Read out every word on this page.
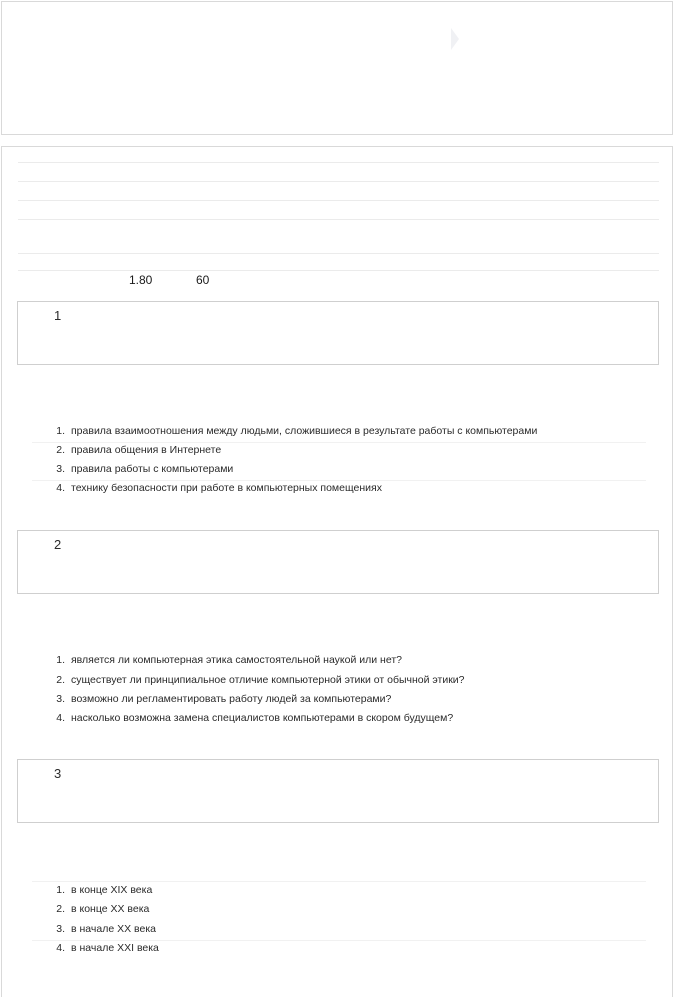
1.80	60
1
1. правила взаимоотношения между людьми, сложившиеся в результате работы с компьютерами
2. правила общения в Интернете
3. правила работы с компьютерами
4. технику безопасности при работе в компьютерных помещениях
2
1. является ли компьютерная этика самостоятельной наукой или нет?
2. существует ли принципиальное отличие компьютерной этики от обычной этики?
3. возможно ли регламентировать работу людей за компьютерами?
4. насколько возможна замена специалистов компьютерами в скором будущем?
3
1. в конце XIX века
2. в конце XX века
3. в начале XX века
4. в начале XXI века
